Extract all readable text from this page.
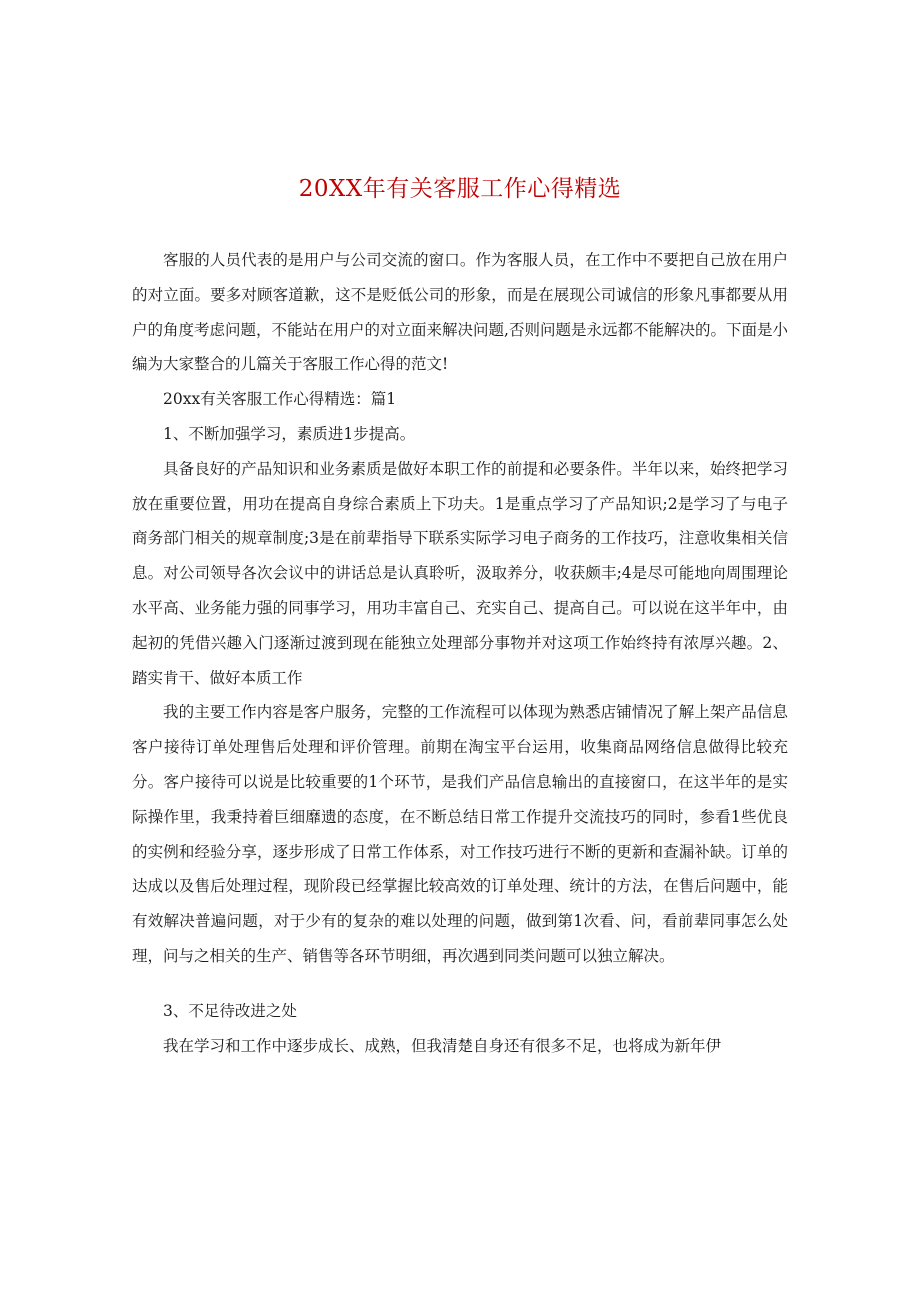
20XX年有关客服工作心得精选

客服的人员代表的是用户与公司交流的窗口。作为客服人员，在工作中不要把自己放在用户的对立面。要多对顾客道歉，这不是贬低公司的形象，而是在展现公司诚信的形象凡事都要从用户的角度考虑问题，不能站在用户的对立面来解决问题,否则问题是永远都不能解决的。下面是小编为大家整合的儿篇关于客服工作心得的范文!

20xx有关客服工作心得精选：篇1

1、不断加强学习，素质进1步提高。

具备良好的产品知识和业务素质是做好本职工作的前提和必要条件。半年以来，始终把学习放在重要位置，用功在提高自身综合素质上下功夫。1是重点学习了产品知识;2是学习了与电子商务部门相关的规章制度;3是在前辈指导下联系实际学习电子商务的工作技巧，注意收集相关信息。对公司领导各次会议中的讲话总是认真聆听，汲取养分，收获颇丰;4是尽可能地向周围理论水平高、业务能力强的同事学习，用功丰富自己、充实自己、提高自己。可以说在这半年中，由起初的凭借兴趣入门逐渐过渡到现在能独立处理部分事物并对这项工作始终持有浓厚兴趣。2、踏实肯干、做好本质工作

我的主要工作内容是客户服务，完整的工作流程可以体现为熟悉店铺情况了解上架产品信息客户接待订单处理售后处理和评价管理。前期在淘宝平台运用，收集商品网络信息做得比较充分。客户接待可以说是比较重要的1个环节，是我们产品信息输出的直接窗口，在这半年的是实际操作里，我秉持着巨细靡遗的态度，在不断总结日常工作提升交流技巧的同时，参看1些优良的实例和经验分享，逐步形成了日常工作体系，对工作技巧进行不断的更新和查漏补缺。订单的达成以及售后处理过程，现阶段已经掌握比较高效的订单处理、统计的方法，在售后问题中，能有效解决普遍问题，对于少有的复杂的难以处理的问题，做到第1次看、问，看前辈同事怎么处理，问与之相关的生产、销售等各环节明细，再次遇到同类问题可以独立解决。

3、不足待改进之处

我在学习和工作中逐步成长、成熟，但我清楚自身还有很多不足，也将成为新年伊
